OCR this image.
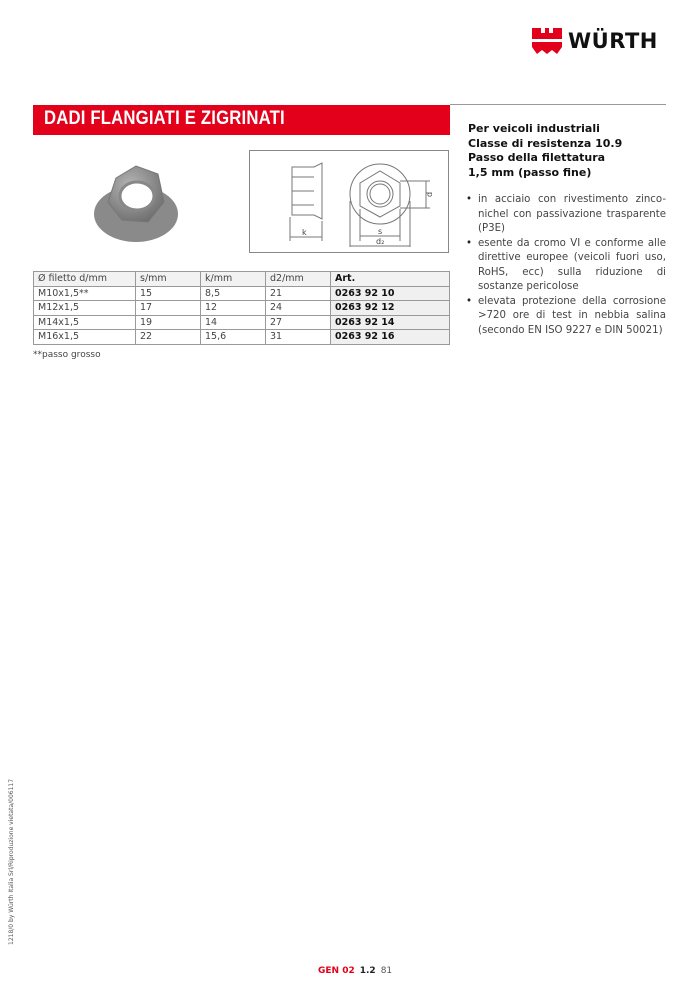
WÜRTH
DADI FLANGIATI E ZIGRINATI
k	s
d₂
d
Ø filetto d/mm	s/mm	k/mm	d2/mm	Art.
M10x1,5**	15	8,5	21	0263 92 10
M12x1,5	17	12	24	0263 92 12
M14x1,5	19	14	27	0263 92 14
M16x1,5	22	15,6	31	0263 92 16
**passo grosso
Per veicoli industriali
Classe di resistenza 10.9
Passo della filettatura
1,5 mm (passo fine)
• in acciaio con rivestimento zinco-nichel con passivazione trasparente (P3E)
• esente da cromo VI e conforme alle direttive europee (veicoli fuori uso, RoHS, ecc) sulla riduzione di sostanze pericolose
• elevata protezione della corrosione >720 ore di test in nebbia salina (secondo EN ISO 9227 e DIN 50021)
1218/0 by Würth Italia Srl/Riproduzione vietata/006117
GEN 02 1.2 81
